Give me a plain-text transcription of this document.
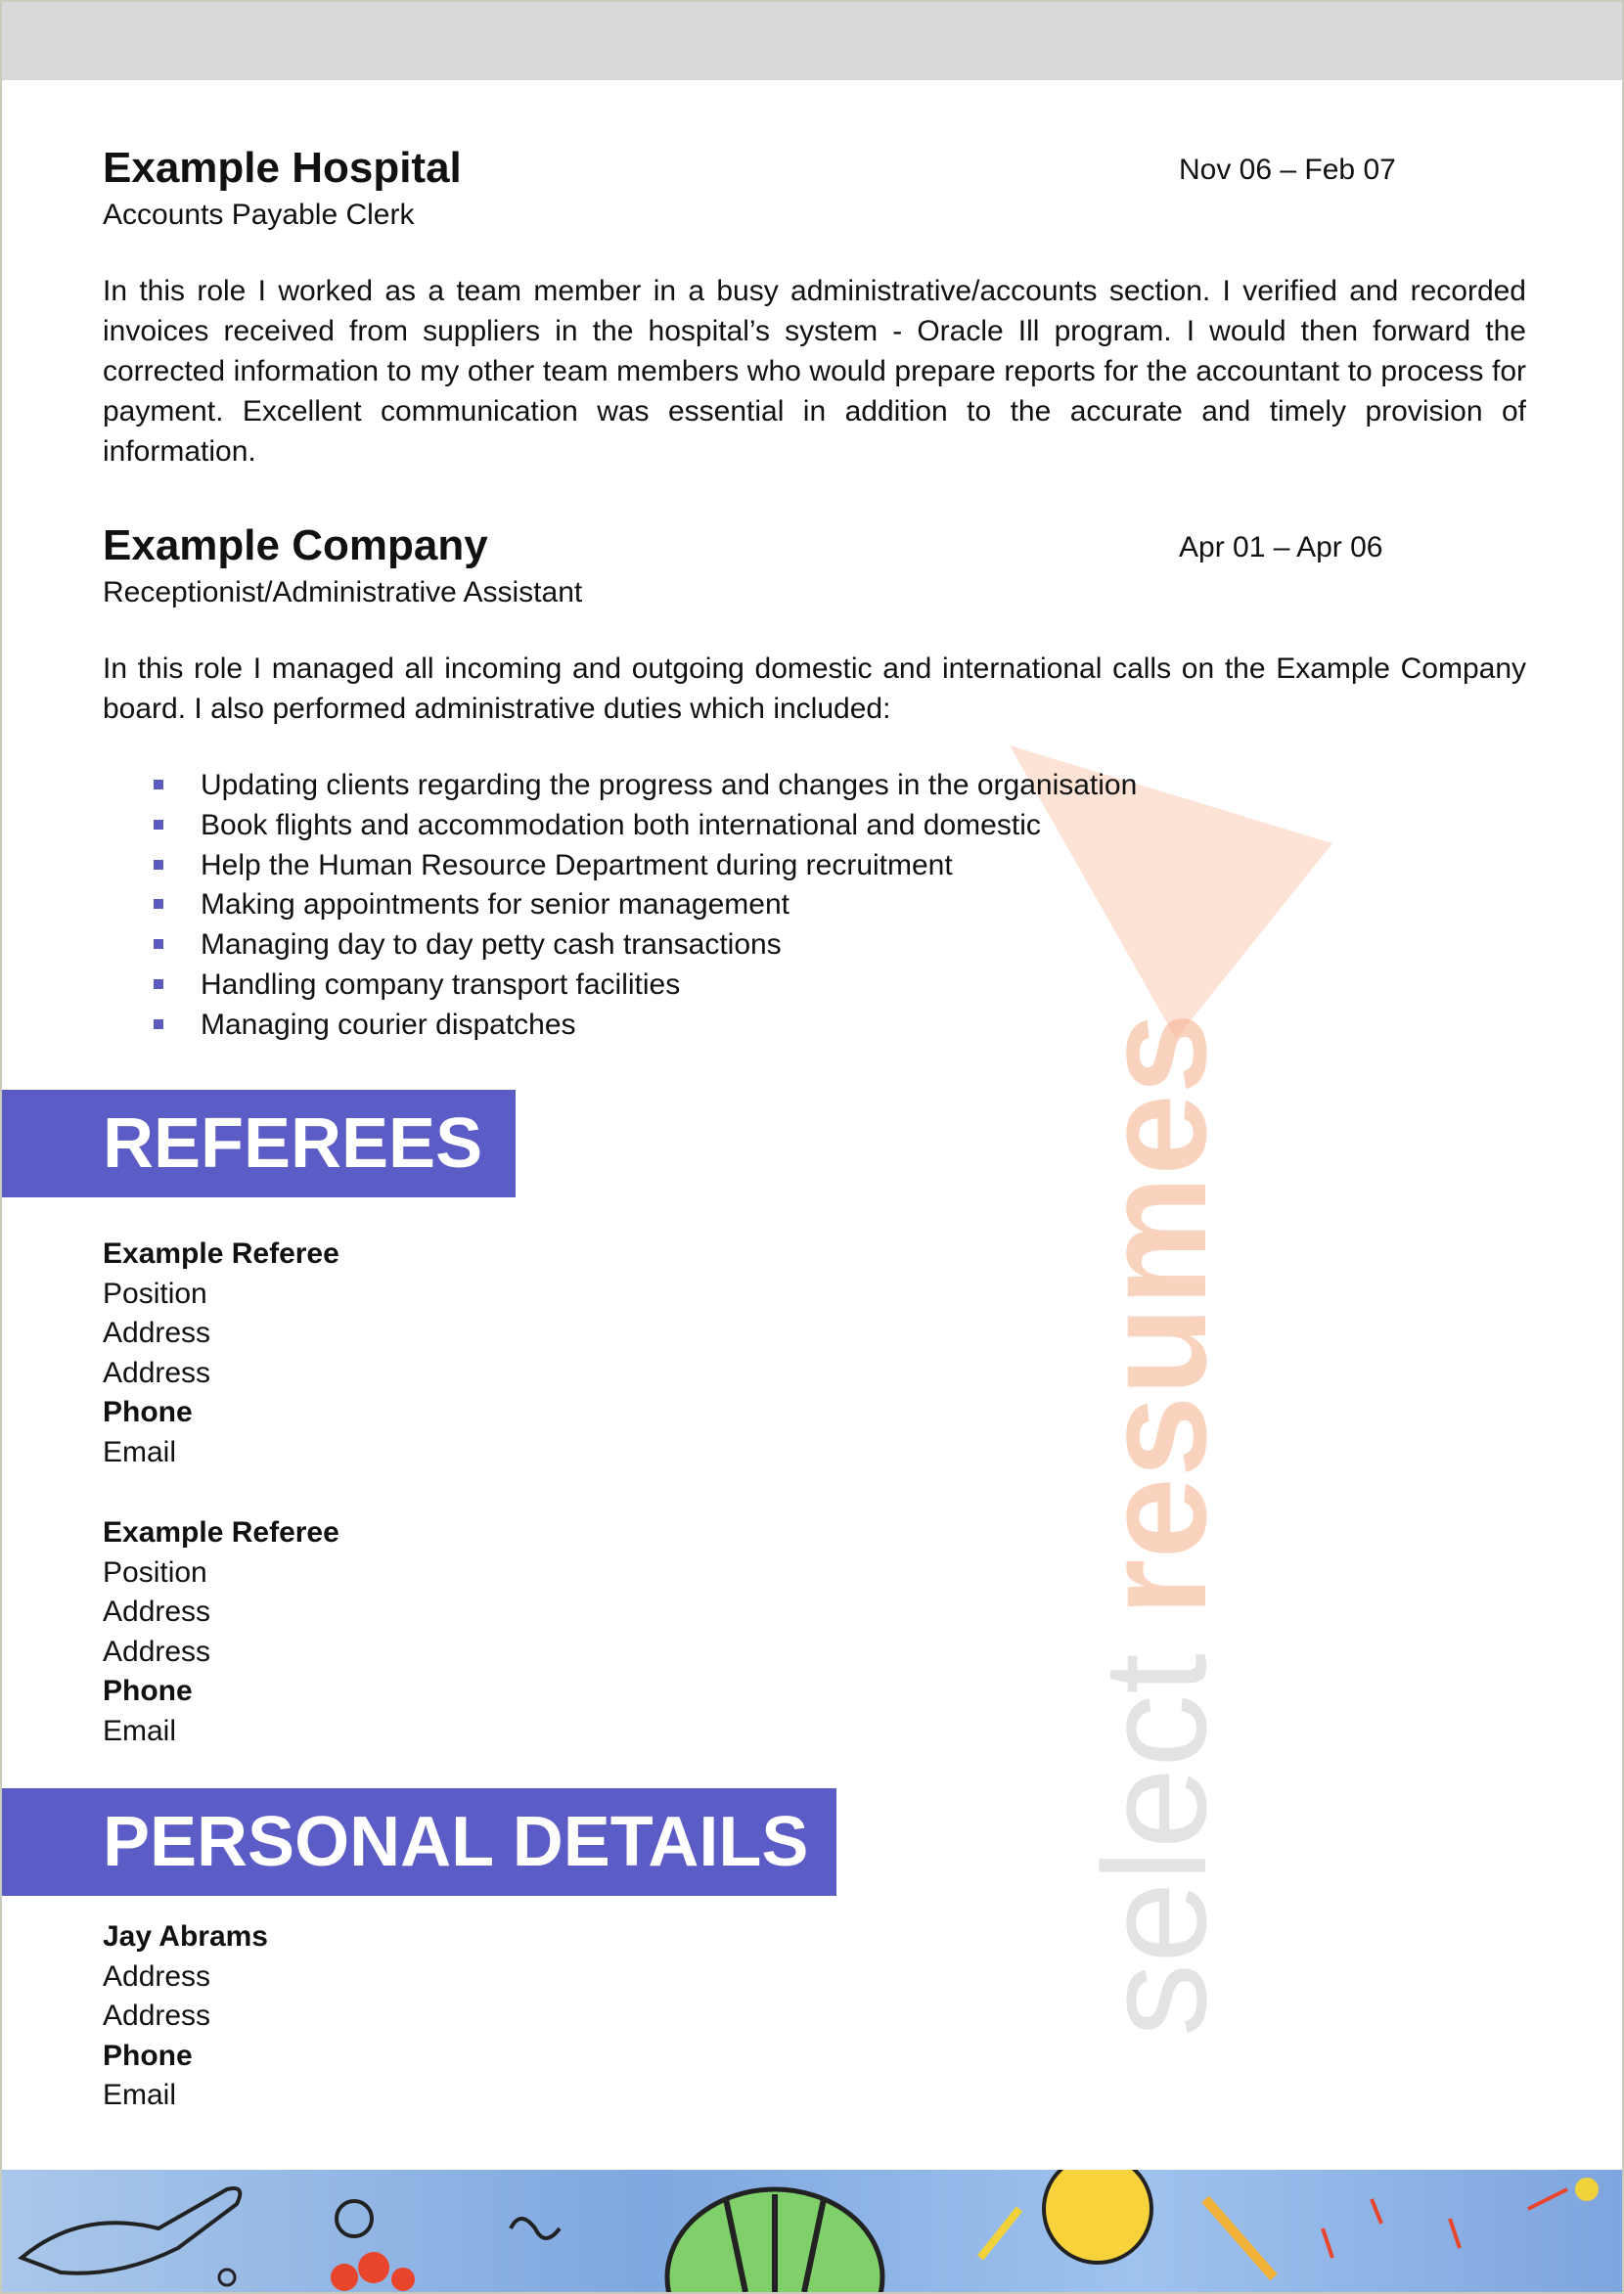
select
resumes
Example Hospital	Nov 06 – Feb 07
Accounts Payable Clerk
In this role I worked as a team member in a busy administrative/accounts section. I verified and recorded invoices received from suppliers in the hospital’s system - Oracle Ill program. I would then forward the corrected information to my other team members who would prepare reports for the accountant to process for payment. Excellent communication was essential in addition to the accurate and timely provision of information.
Example Company	Apr 01 – Apr 06
Receptionist/Administrative Assistant
In this role I managed all incoming and outgoing domestic and international calls on the Example Company board. I also performed administrative duties which included:
Updating clients regarding the progress and changes in the organisation
Book flights and accommodation both international and domestic
Help the Human Resource Department during recruitment
Making appointments for senior management
Managing day to day petty cash transactions
Handling company transport facilities
Managing courier dispatches
REFEREES
Example Referee
Position
Address
Address
Phone
Email
Example Referee
Position
Address
Address
Phone
Email
PERSONAL DETAILS
Jay Abrams
Address
Address
Phone
Email
